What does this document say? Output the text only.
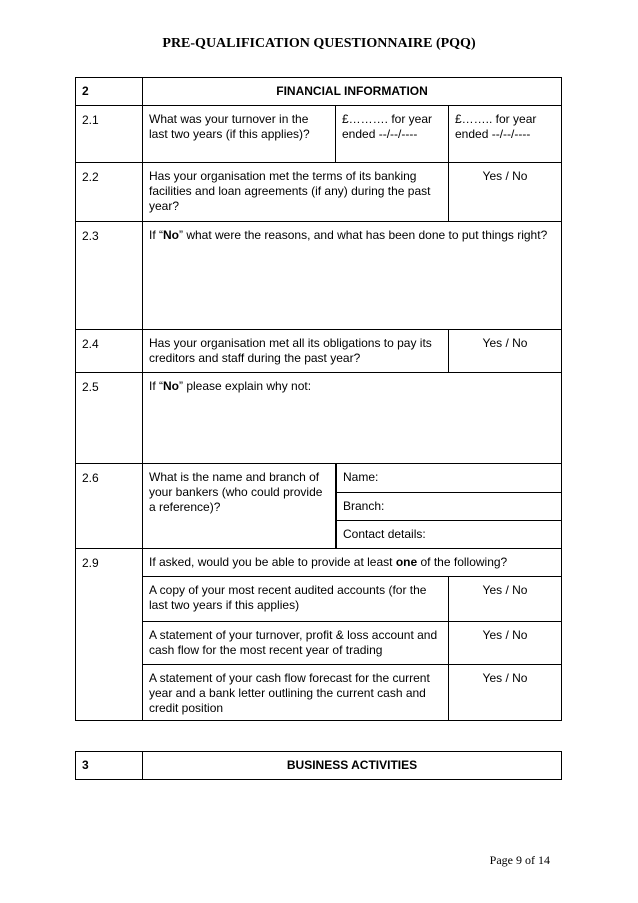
PRE-QUALIFICATION QUESTIONNAIRE (PQQ)
2	FINANCIAL INFORMATION
2.1	What was your turnover in the last two years (if this applies)?	£………. for year ended --/--/----	£…….. for year ended --/--/----
2.2	Has your organisation met the terms of its banking facilities and loan agreements (if any) during the past year?	Yes / No
2.3	If “No” what were the reasons, and what has been done to put things right?
2.4	Has your organisation met all its obligations to pay its creditors and staff during the past year?	Yes / No
2.5	If “No” please explain why not:
2.6	What is the name and branch of your bankers (who could provide a reference)?	
Name:
Branch:
Contact details:

2.9	If asked, would you be able to provide at least one of the following?
A copy of your most recent audited accounts (for the last two years if this applies)	Yes / No
A statement of your turnover, profit & loss account and cash flow for the most recent year of trading	Yes / No
A statement of your cash flow forecast for the current year and a bank letter outlining the current cash and credit position	Yes / No
3	BUSINESS ACTIVITIES
Page 9 of 14
